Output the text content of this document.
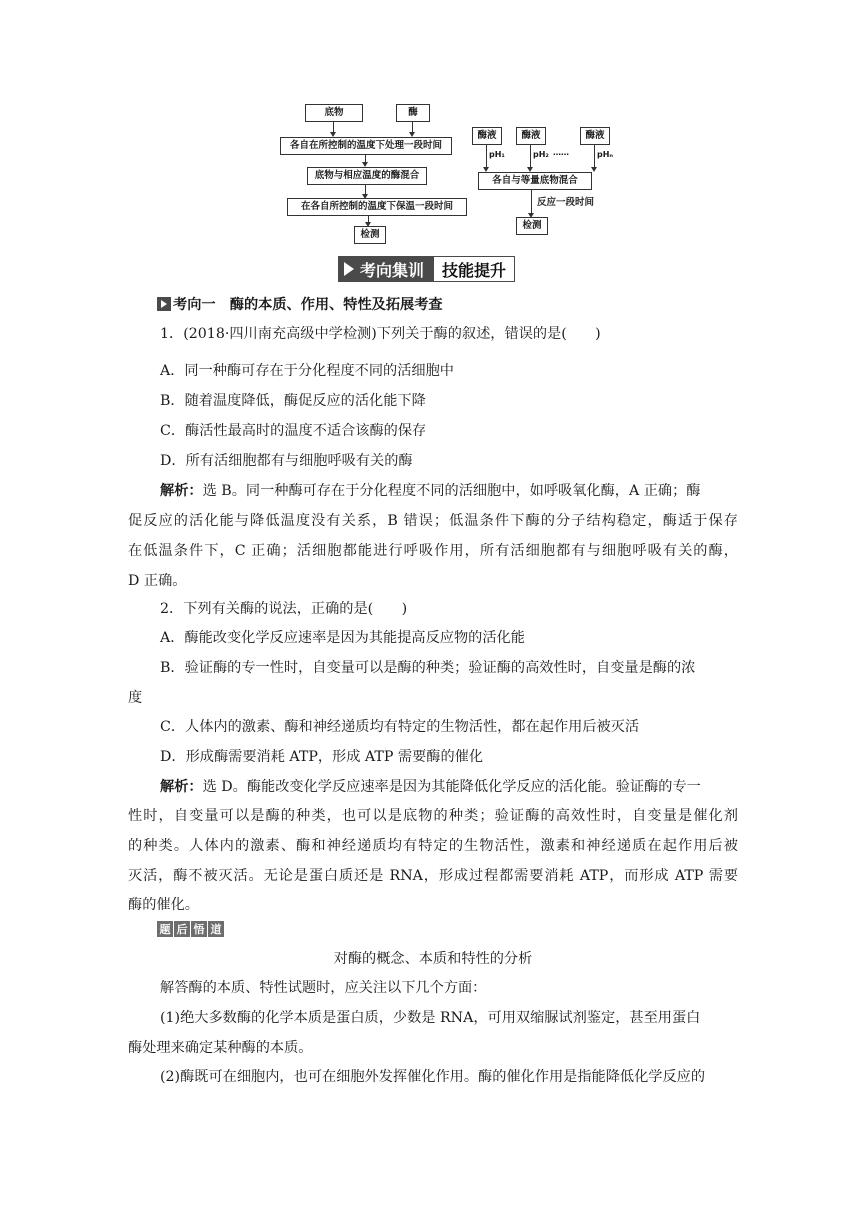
底物	酶
各自在所控制的温度下处理一段时间
底物与相应温度的酶混合
在各自所控制的温度下保温一段时间
检测
酶液	酶液	酶液
pH₁	pH₂ ……	pHₙ
各自与等量底物混合
反应一段时间
检测
考向集训	技能提升
考向一　酶的本质、作用、特性及拓展考查
1．(2018·四川南充高级中学检测)下列关于酶的叙述，错误的是(　　)
A．同一种酶可存在于分化程度不同的活细胞中
B．随着温度降低，酶促反应的活化能下降
C．酶活性最高时的温度不适合该酶的保存
D．所有活细胞都有与细胞呼吸有关的酶
解析：选 B。同一种酶可存在于分化程度不同的活细胞中，如呼吸氧化酶，A 正确；酶
促反应的活化能与降低温度没有关系，B 错误；低温条件下酶的分子结构稳定，酶适于保存
在低温条件下，C 正确；活细胞都能进行呼吸作用，所有活细胞都有与细胞呼吸有关的酶，
D 正确。
2．下列有关酶的说法，正确的是(　　)
A．酶能改变化学反应速率是因为其能提高反应物的活化能
B．验证酶的专一性时，自变量可以是酶的种类；验证酶的高效性时，自变量是酶的浓
度
C．人体内的激素、酶和神经递质均有特定的生物活性，都在起作用后被灭活
D．形成酶需要消耗 ATP，形成 ATP 需要酶的催化
解析：选 D。酶能改变化学反应速率是因为其能降低化学反应的活化能。验证酶的专一
性时，自变量可以是酶的种类，也可以是底物的种类；验证酶的高效性时，自变量是催化剂
的种类。人体内的激素、酶和神经递质均有特定的生物活性，激素和神经递质在起作用后被
灭活，酶不被灭活。无论是蛋白质还是 RNA，形成过程都需要消耗 ATP，而形成 ATP 需要
酶的催化。
题 后 悟 道
对酶的概念、本质和特性的分析
解答酶的本质、特性试题时，应关注以下几个方面：
(1)绝大多数酶的化学本质是蛋白质，少数是 RNA，可用双缩脲试剂鉴定，甚至用蛋白
酶处理来确定某种酶的本质。
(2)酶既可在细胞内，也可在细胞外发挥催化作用。酶的催化作用是指能降低化学反应的
